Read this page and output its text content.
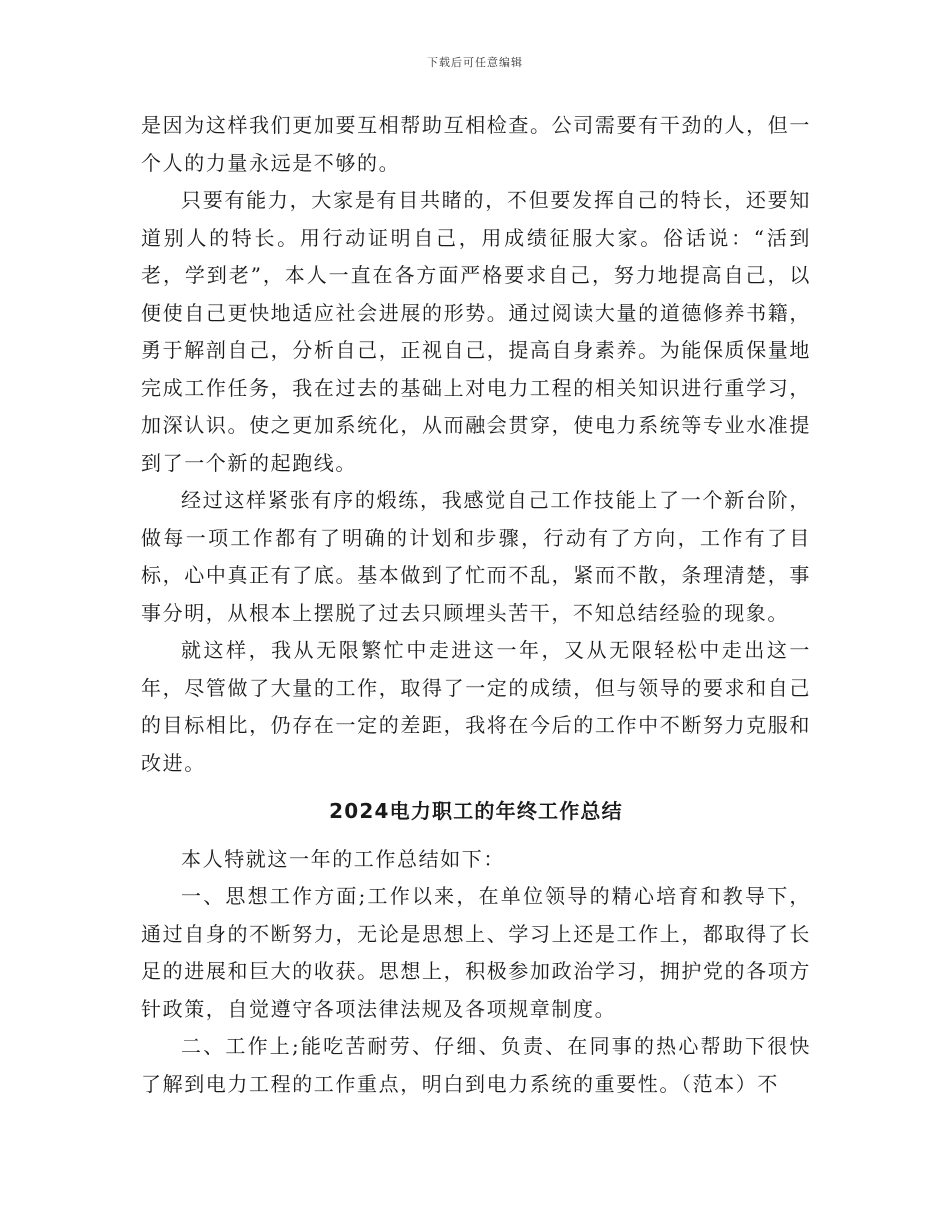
下载后可任意编辑

是因为这样我们更加要互相帮助互相检查。公司需要有干劲的人，但一个人的力量永远是不够的。

只要有能力，大家是有目共睹的，不但要发挥自己的特长，还要知道别人的特长。用行动证明自己，用成绩征服大家。俗话说：“活到老，学到老”，本人一直在各方面严格要求自己，努力地提高自己，以便使自己更快地适应社会进展的形势。通过阅读大量的道德修养书籍，勇于解剖自己，分析自己，正视自己，提高自身素养。为能保质保量地完成工作任务，我在过去的基础上对电力工程的相关知识进行重学习，加深认识。使之更加系统化，从而融会贯穿，使电力系统等专业水准提到了一个新的起跑线。

经过这样紧张有序的煅练，我感觉自己工作技能上了一个新台阶，做每一项工作都有了明确的计划和步骤，行动有了方向，工作有了目标，心中真正有了底。基本做到了忙而不乱，紧而不散，条理清楚，事事分明，从根本上摆脱了过去只顾埋头苦干，不知总结经验的现象。

就这样，我从无限繁忙中走进这一年，又从无限轻松中走出这一年，尽管做了大量的工作，取得了一定的成绩，但与领导的要求和自己的目标相比，仍存在一定的差距，我将在今后的工作中不断努力克服和改进。

2024电力职工的年终工作总结

本人特就这一年的工作总结如下：

一、思想工作方面;工作以来，在单位领导的精心培育和教导下，通过自身的不断努力，无论是思想上、学习上还是工作上，都取得了长足的进展和巨大的收获。思想上，积极参加政治学习，拥护党的各项方针政策，自觉遵守各项法律法规及各项规章制度。

二、工作上;能吃苦耐劳、仔细、负责、在同事的热心帮助下很快了解到电力工程的工作重点，明白到电力系统的重要性。（范本）不
